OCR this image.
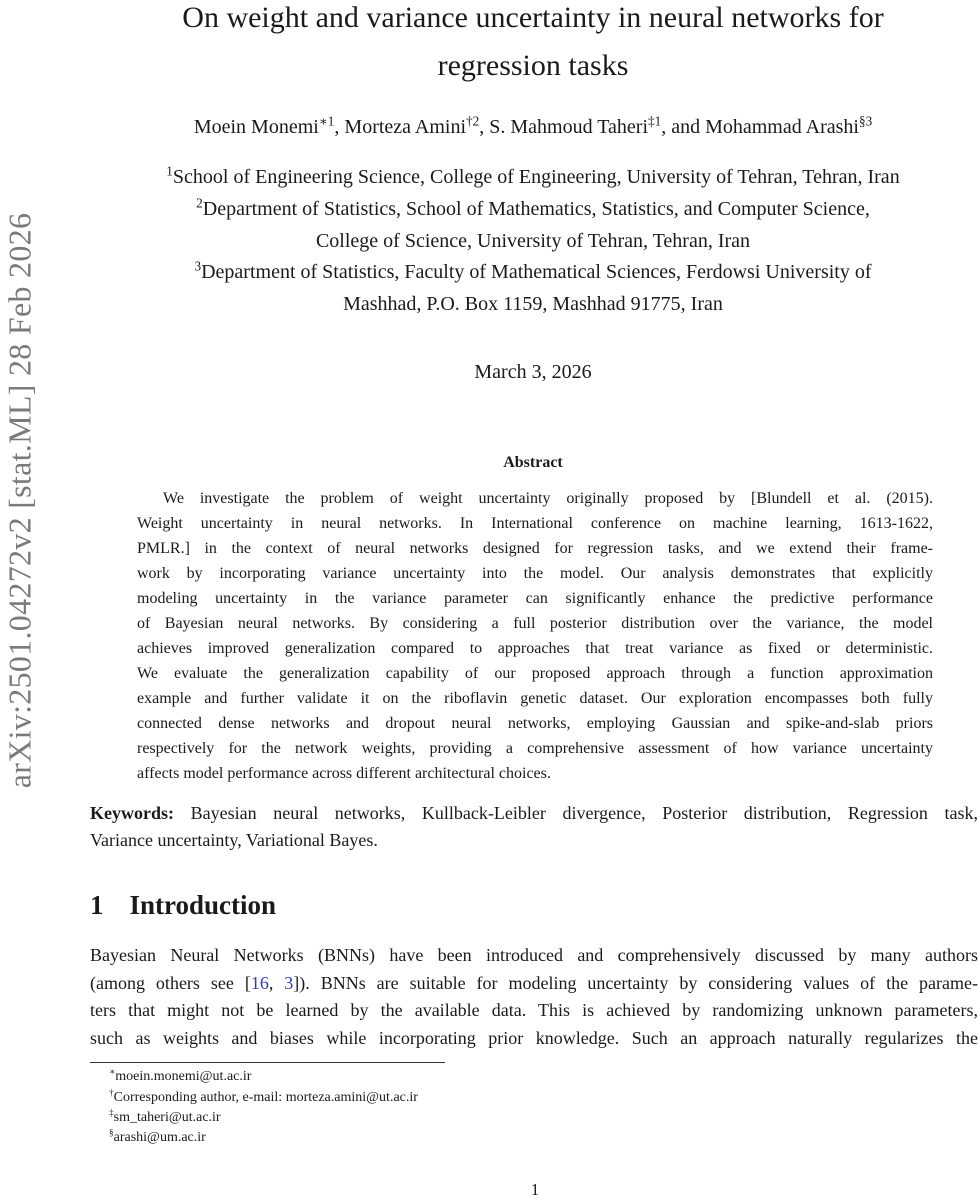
arXiv:2501.04272v2 [stat.ML] 28 Feb 2026
On weight and variance uncertainty in neural networks for
regression tasks
Moein Monemi$^{∗1}$, Morteza Amini$^{\dagger 2}$, S. Mahmoud Taheri$^{\ddagger 1}$, and Mohammad Arashi$^{\S 3}$
$^1$School of Engineering Science, College of Engineering, University of Tehran, Tehran, Iran
$^2$Department of Statistics, School of Mathematics, Statistics, and Computer Science,
College of Science, University of Tehran, Tehran, Iran
$^3$Department of Statistics, Faculty of Mathematical Sciences, Ferdowsi University of
Mashhad, P.O. Box 1159, Mashhad 91775, Iran
March 3, 2026
Abstract
We investigate the problem of weight uncertainty originally proposed by [Blundell et al. (2015).
Weight uncertainty in neural networks. In International conference on machine learning, 1613-1622,
PMLR.] in the context of neural networks designed for regression tasks, and we extend their frame-
work by incorporating variance uncertainty into the model. Our analysis demonstrates that explicitly
modeling uncertainty in the variance parameter can significantly enhance the predictive performance
of Bayesian neural networks. By considering a full posterior distribution over the variance, the model
achieves improved generalization compared to approaches that treat variance as fixed or deterministic.
We evaluate the generalization capability of our proposed approach through a function approximation
example and further validate it on the riboflavin genetic dataset. Our exploration encompasses both fully
connected dense networks and dropout neural networks, employing Gaussian and spike-and-slab priors
respectively for the network weights, providing a comprehensive assessment of how variance uncertainty
affects model performance across different architectural choices.
Keywords: Bayesian neural networks, Kullback-Leibler divergence, Posterior distribution, Regression task,
Variance uncertainty, Variational Bayes.
1 Introduction
Bayesian Neural Networks (BNNs) have been introduced and comprehensively discussed by many authors
(among others see [16, 3]). BNNs are suitable for modeling uncertainty by considering values of the parame-
ters that might not be learned by the available data. This is achieved by randomizing unknown parameters,
such as weights and biases while incorporating prior knowledge. Such an approach naturally regularizes the
∗moein.monemi@ut.ac.ir
†Corresponding author, e-mail: morteza.amini@ut.ac.ir
‡sm_taheri@ut.ac.ir
§arashi@um.ac.ir
1
